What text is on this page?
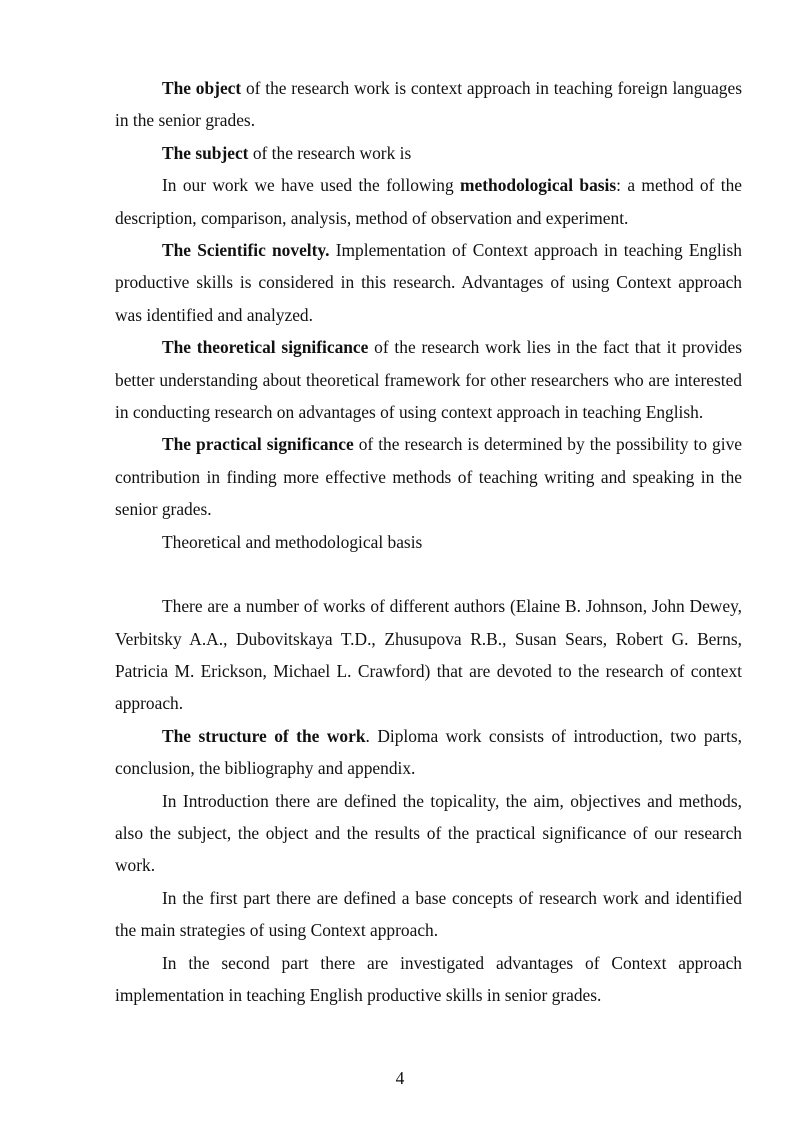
The object of the research work is context approach in teaching foreign languages in the senior grades.

The subject of the research work is

In our work we have used the following methodological basis: a method of the description, comparison, analysis, method of observation and experiment.

The Scientific novelty. Implementation of Context approach in teaching English productive skills is considered in this research. Advantages of using Context approach was identified and analyzed.

The theoretical significance of the research work lies in the fact that it provides better understanding about theoretical framework for other researchers who are interested in conducting research on advantages of using context approach in teaching English.

The practical significance of the research is determined by the possibility to give contribution in finding more effective methods of teaching writing and speaking in the senior grades.

Theoretical and methodological basis

There are a number of works of different authors (Elaine B. Johnson, John Dewey, Verbitsky A.A., Dubovitskaya T.D., Zhusupova R.B., Susan Sears, Robert G. Berns, Patricia M. Erickson, Michael L. Crawford) that are devoted to the research of context approach.

The structure of the work. Diploma work consists of introduction, two parts, conclusion, the bibliography and appendix.

In Introduction there are defined the topicality, the aim, objectives and methods, also the subject, the object and the results of the practical significance of our research work.

In the first part there are defined a base concepts of research work and identified the main strategies of using Context approach.

In the second part there are investigated advantages of Context approach implementation in teaching English productive skills in senior grades.

4
